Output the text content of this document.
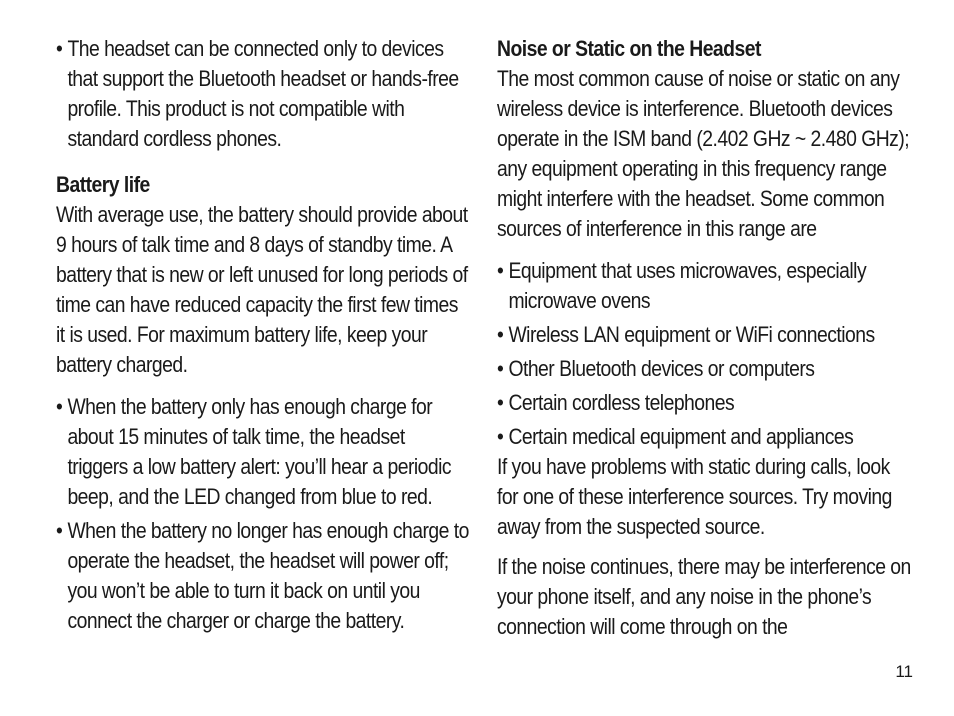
• The headset can be connected only to devices that support the Bluetooth headset or hands-free profile. This product is not compatible with standard cordless phones.

Battery life

With average use, the battery should provide about 9 hours of talk time and 8 days of standby time. A battery that is new or left unused for long periods of time can have reduced capacity the first few times it is used. For maximum battery life, keep your battery charged.

• When the battery only has enough charge for about 15 minutes of talk time, the headset triggers a low battery alert: you’ll hear a periodic beep, and the LED changed from blue to red.
• When the battery no longer has enough charge to operate the headset, the headset will power off; you won’t be able to turn it back on until you connect the charger or charge the battery.

Noise or Static on the Headset

The most common cause of noise or static on any wireless device is interference. Bluetooth devices operate in the ISM band (2.402 GHz ~ 2.480 GHz); any equipment operating in this frequency range might interfere with the headset. Some common sources of interference in this range are

• Equipment that uses microwaves, especially microwave ovens
• Wireless LAN equipment or WiFi connections
• Other Bluetooth devices or computers
• Certain cordless telephones
• Certain medical equipment and appliances

If you have problems with static during calls, look for one of these interference sources. Try moving away from the suspected source.

If the noise continues, there may be interference on your phone itself, and any noise in the phone’s connection will come through on the

11
